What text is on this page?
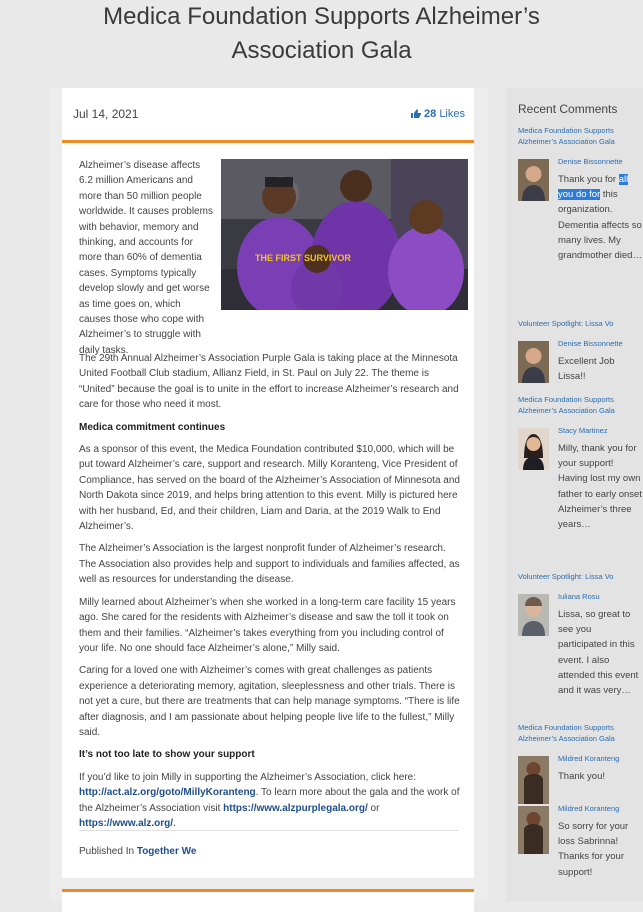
Medica Foundation Supports Alzheimer’s
Association Gala
Jul 14, 2021	28 Likes
THE FIRST SURVIVOR

Alzheimer’s disease affects 6.2 million Americans and more than 50 million people worldwide. It causes problems with behavior, memory and thinking, and accounts for more than 60% of dementia cases. Symptoms typically develop slowly and get worse as time goes on, which causes those who cope with Alzheimer’s to struggle with daily tasks.

The 29th Annual Alzheimer’s Association Purple Gala is taking place at the Minnesota United Football Club stadium, Allianz Field, in St. Paul on July 22. The theme is “United” because the goal is to unite in the effort to increase Alzheimer’s research and care for those who need it most.

Medica commitment continues

As a sponsor of this event, the Medica Foundation contributed $10,000, which will be put toward Alzheimer’s care, support and research. Milly Koranteng, Vice President of Compliance, has served on the board of the Alzheimer’s Association of Minnesota and North Dakota since 2019, and helps bring attention to this event. Milly is pictured here with her husband, Ed, and their children, Liam and Daria, at the 2019 Walk to End Alzheimer’s.

The Alzheimer’s Association is the largest nonprofit funder of Alzheimer’s research. The Association also provides help and support to individuals and families affected, as well as resources for understanding the disease.

Milly learned about Alzheimer’s when she worked in a long-term care facility 15 years ago. She cared for the residents with Alzheimer’s disease and saw the toll it took on them and their families. “Alzheimer’s takes everything from you including control of your life. No one should face Alzheimer’s alone,” Milly said.

Caring for a loved one with Alzheimer’s comes with great challenges as patients experience a deteriorating memory, agitation, sleeplessness and other trials. There is not yet a cure, but there are treatments that can help manage symptoms. “There is life after diagnosis, and I am passionate about helping people live life to the fullest,” Milly said.

It’s not too late to show your support

If you’d like to join Milly in supporting the Alzheimer’s Association, click here: http://act.alz.org/goto/MillyKoranteng. To learn more about the gala and the work of the Alzheimer’s Association visit https://www.alzpurplegala.org/ or https://www.alz.org/.

Published In Together We
Recent Comments
Medica Foundation Supports Alzheimer’s Association Gala
Denise Bissonnette
Thank you for all you do for this organization. Dementia affects so many lives. My grandmother died…
Volunteer Spotlight: Lissa Vo
Denise Bissonnette
Excellent Job Lissa!!
Medica Foundation Supports Alzheimer’s Association Gala
Stacy Martinez
Milly, thank you for your support! Having lost my own father to early onset Alzheimer’s three years…
Volunteer Spotlight: Lissa Vo
Iuliana Rosu
Lissa, so great to see you participated in this event. I also attended this event and it was very…
Medica Foundation Supports Alzheimer’s Association Gala
Mildred Koranteng
Thank you!
Mildred Koranteng
So sorry for your loss Sabrinna! Thanks for your support!
